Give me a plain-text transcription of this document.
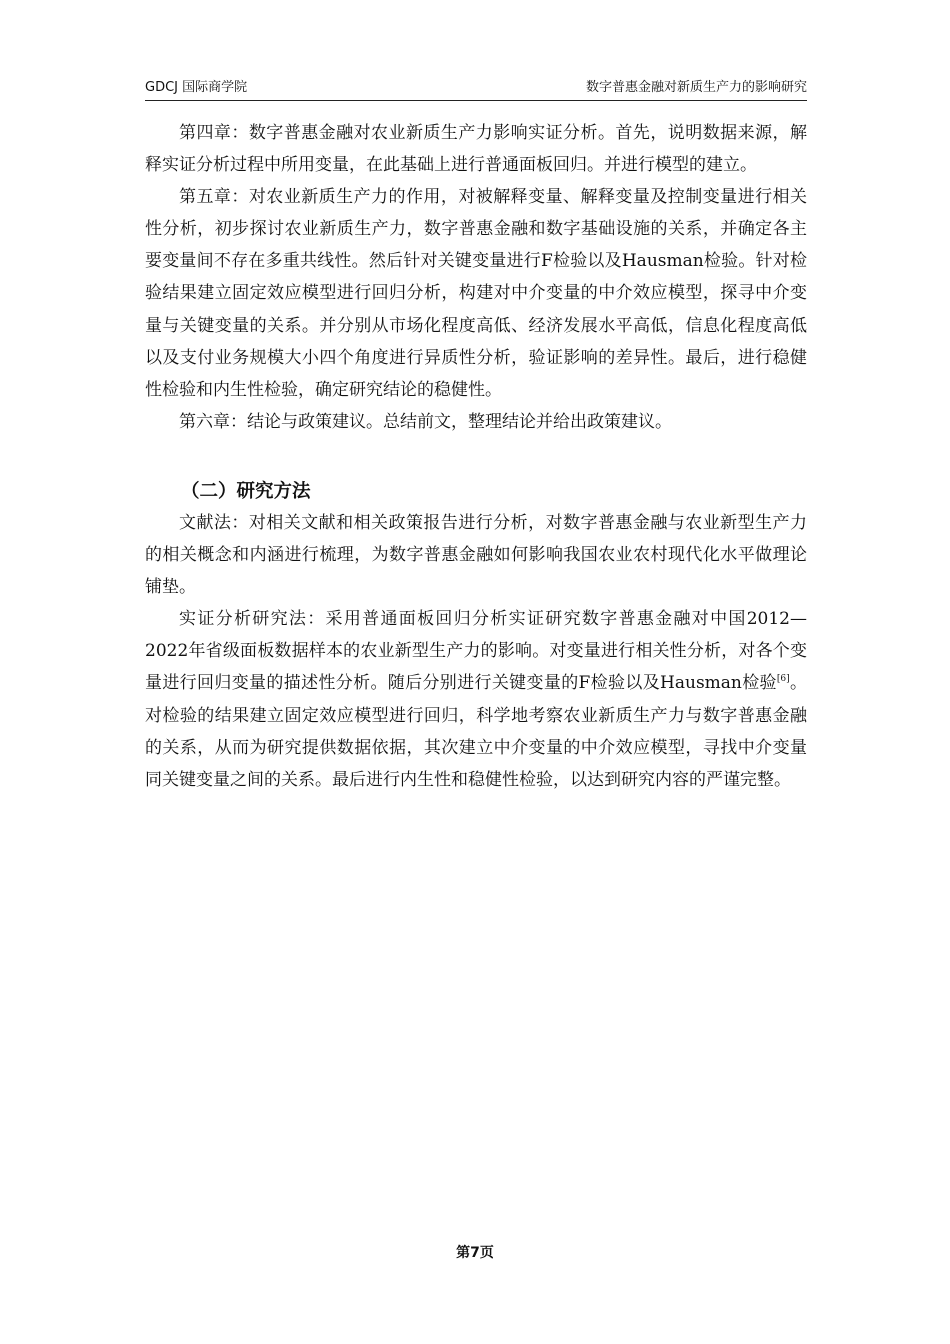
GDCJ 国际商学院	数字普惠金融对新质生产力的影响研究

第四章：数字普惠金融对农业新质生产力影响实证分析。首先，说明数据来源，解释实证分析过程中所用变量，在此基础上进行普通面板回归。并进行模型的建立。

第五章：对农业新质生产力的作用，对被解释变量、解释变量及控制变量进行相关性分析，初步探讨农业新质生产力，数字普惠金融和数字基础设施的关系，并确定各主要变量间不存在多重共线性。然后针对关键变量进行F检验以及Hausman检验。针对检验结果建立固定效应模型进行回归分析，构建对中介变量的中介效应模型，探寻中介变量与关键变量的关系。并分别从市场化程度高低、经济发展水平高低，信息化程度高低以及支付业务规模大小四个角度进行异质性分析，验证影响的差异性。最后，进行稳健性检验和内生性检验，确定研究结论的稳健性。

第六章：结论与政策建议。总结前文，整理结论并给出政策建议。

（二）研究方法

文献法：对相关文献和相关政策报告进行分析，对数字普惠金融与农业新型生产力的相关概念和内涵进行梳理，为数字普惠金融如何影响我国农业农村现代化水平做理论铺垫。

实证分析研究法：采用普通面板回归分析实证研究数字普惠金融对中国2012—2022年省级面板数据样本的农业新型生产力的影响。对变量进行相关性分析，对各个变量进行回归变量的描述性分析。随后分别进行关键变量的F检验以及Hausman检验[6]。对检验的结果建立固定效应模型进行回归，科学地考察农业新质生产力与数字普惠金融的关系，从而为研究提供数据依据，其次建立中介变量的中介效应模型，寻找中介变量同关键变量之间的关系。最后进行内生性和稳健性检验，以达到研究内容的严谨完整。

第7页
